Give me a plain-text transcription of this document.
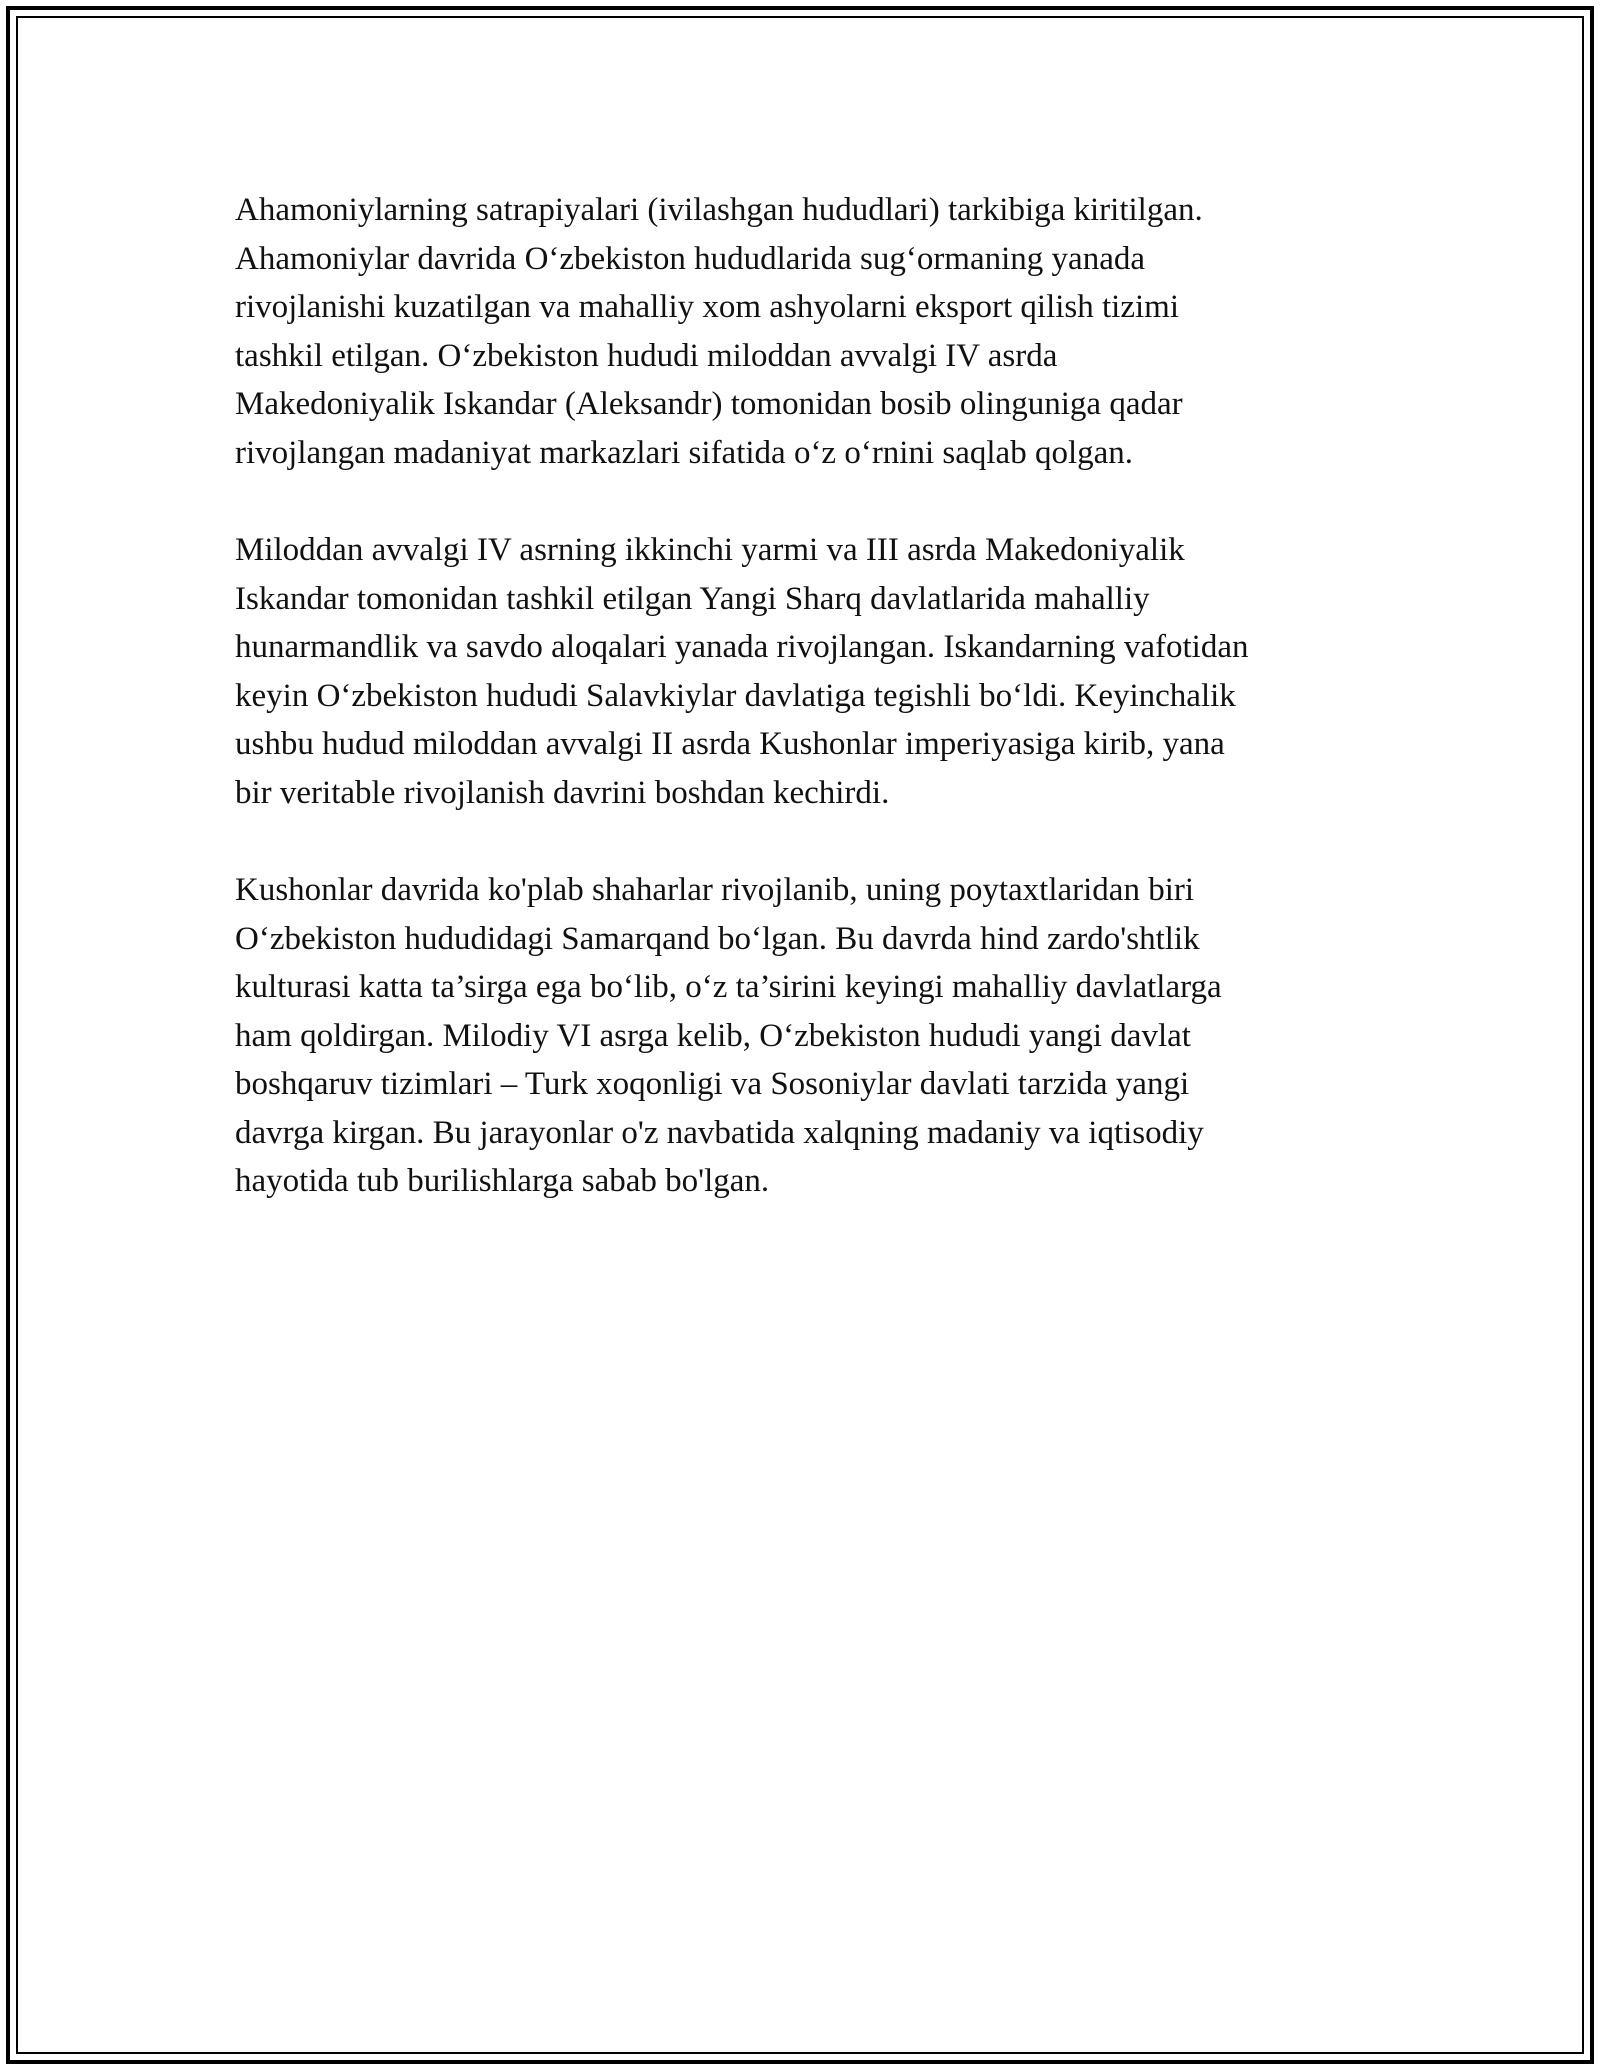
Ahamoniylarning satrapiyalari (ivilashgan hududlari) tarkibiga kiritilgan.
Ahamoniylar davrida O‘zbekiston hududlarida sug‘ormaning yanada
rivojlanishi kuzatilgan va mahalliy xom ashyolarni eksport qilish tizimi
tashkil etilgan. O‘zbekiston hududi miloddan avvalgi IV asrda
Makedoniyalik Iskandar (Aleksandr) tomonidan bosib olinguniga qadar
rivojlangan madaniyat markazlari sifatida o‘z o‘rnini saqlab qolgan.

Miloddan avvalgi IV asrning ikkinchi yarmi va III asrda Makedoniyalik
Iskandar tomonidan tashkil etilgan Yangi Sharq davlatlarida mahalliy
hunarmandlik va savdo aloqalari yanada rivojlangan. Iskandarning vafotidan
keyin O‘zbekiston hududi Salavkiylar davlatiga tegishli bo‘ldi. Keyinchalik
ushbu hudud miloddan avvalgi II asrda Kushonlar imperiyasiga kirib, yana
bir veritable rivojlanish davrini boshdan kechirdi.

Kushonlar davrida ko'plab shaharlar rivojlanib, uning poytaxtlaridan biri
O‘zbekiston hududidagi Samarqand bo‘lgan. Bu davrda hind zardo'shtlik
kulturasi katta ta’sirga ega bo‘lib, o‘z ta’sirini keyingi mahalliy davlatlarga
ham qoldirgan. Milodiy VI asrga kelib, O‘zbekiston hududi yangi davlat
boshqaruv tizimlari – Turk xoqonligi va Sosoniylar davlati tarzida yangi
davrga kirgan. Bu jarayonlar o'z navbatida xalqning madaniy va iqtisodiy
hayotida tub burilishlarga sabab bo'lgan.
